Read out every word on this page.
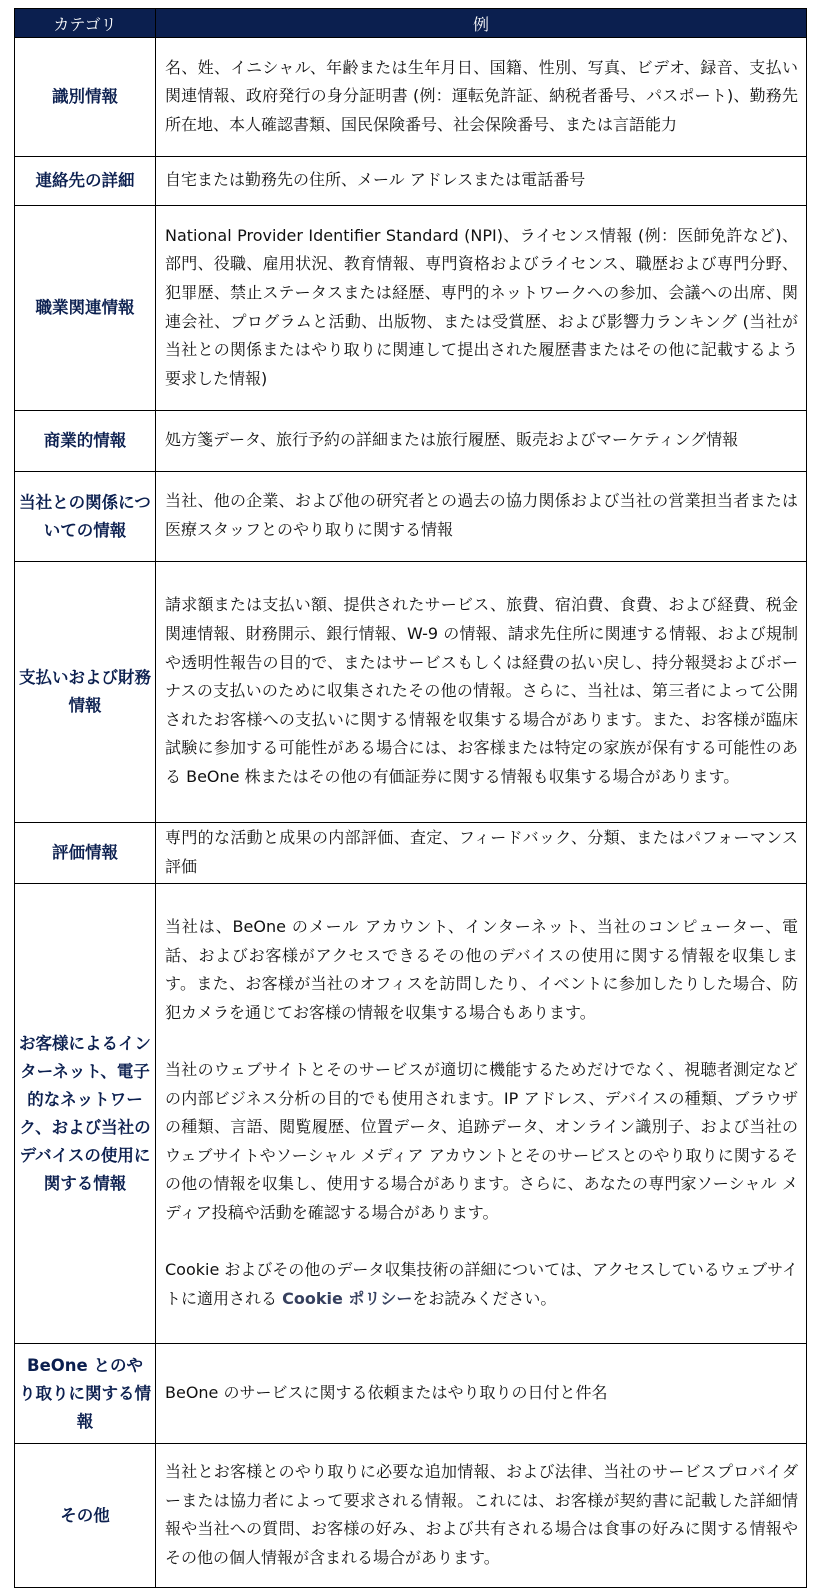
カテゴリ	例
識別情報	名、姓、イニシャル、年齢または生年月日、国籍、性別、写真、ビデオ、録音、支払い関連情報、政府発行の身分証明書 (例：運転免許証、納税者番号、パスポート)、勤務先所在地、本人確認書類、国民保険番号、社会保険番号、または言語能力
連絡先の詳細	自宅または勤務先の住所、メール アドレスまたは電話番号
職業関連情報	National Provider Identifier Standard (NPI)、ライセンス情報 (例：医師免許など)、部門、役職、雇用状況、教育情報、専門資格およびライセンス、職歴および専門分野、犯罪歴、禁止ステータスまたは経歴、専門的ネットワークへの参加、会議への出席、関連会社、プログラムと活動、出版物、または受賞歴、および影響力ランキング (当社が当社との関係またはやり取りに関連して提出された履歴書またはその他に記載するよう要求した情報)
商業的情報	処方箋データ、旅行予約の詳細または旅行履歴、販売およびマーケティング情報
当社との関係についての情報	当社、他の企業、および他の研究者との過去の協力関係および当社の営業担当者または医療スタッフとのやり取りに関する情報
支払いおよび財務情報	請求額または支払い額、提供されたサービス、旅費、宿泊費、食費、および経費、税金関連情報、財務開示、銀行情報、W-9 の情報、請求先住所に関連する情報、および規制や透明性報告の目的で、またはサービスもしくは経費の払い戻し、持分報奨およびボーナスの支払いのために収集されたその他の情報。さらに、当社は、第三者によって公開されたお客様への支払いに関する情報を収集する場合があります。また、お客様が臨床試験に参加する可能性がある場合には、お客様または特定の家族が保有する可能性のある BeOne 株またはその他の有価証券に関する情報も収集する場合があります。
評価情報	専門的な活動と成果の内部評価、査定、フィードバック、分類、またはパフォーマンス評価
お客様によるインターネット、電子的なネットワーク、および当社のデバイスの使用に関する情報	当社は、BeOne のメール アカウント、インターネット、当社のコンピューター、電話、およびお客様がアクセスできるその他のデバイスの使用に関する情報を収集します。また、お客様が当社のオフィスを訪問したり、イベントに参加したりした場合、防犯カメラを通じてお客様の情報を収集する場合もあります。

当社のウェブサイトとそのサービスが適切に機能するためだけでなく、視聴者測定などの内部ビジネス分析の目的でも使用されます。IP アドレス、デバイスの種類、ブラウザの種類、言語、閲覧履歴、位置データ、追跡データ、オンライン識別子、および当社のウェブサイトやソーシャル メディア アカウントとそのサービスとのやり取りに関するその他の情報を収集し、使用する場合があります。さらに、あなたの専門家ソーシャル メディア投稿や活動を確認する場合があります。

Cookie およびその他のデータ収集技術の詳細については、アクセスしているウェブサイトに適用される Cookie ポリシーをお読みください。

BeOne とのやり取りに関する情報	BeOne のサービスに関する依頼またはやり取りの日付と件名
その他	当社とお客様とのやり取りに必要な追加情報、および法律、当社のサービスプロバイダーまたは協力者によって要求される情報。これには、お客様が契約書に記載した詳細情報や当社への質問、お客様の好み、および共有される場合は食事の好みに関する情報やその他の個人情報が含まれる場合があります。
